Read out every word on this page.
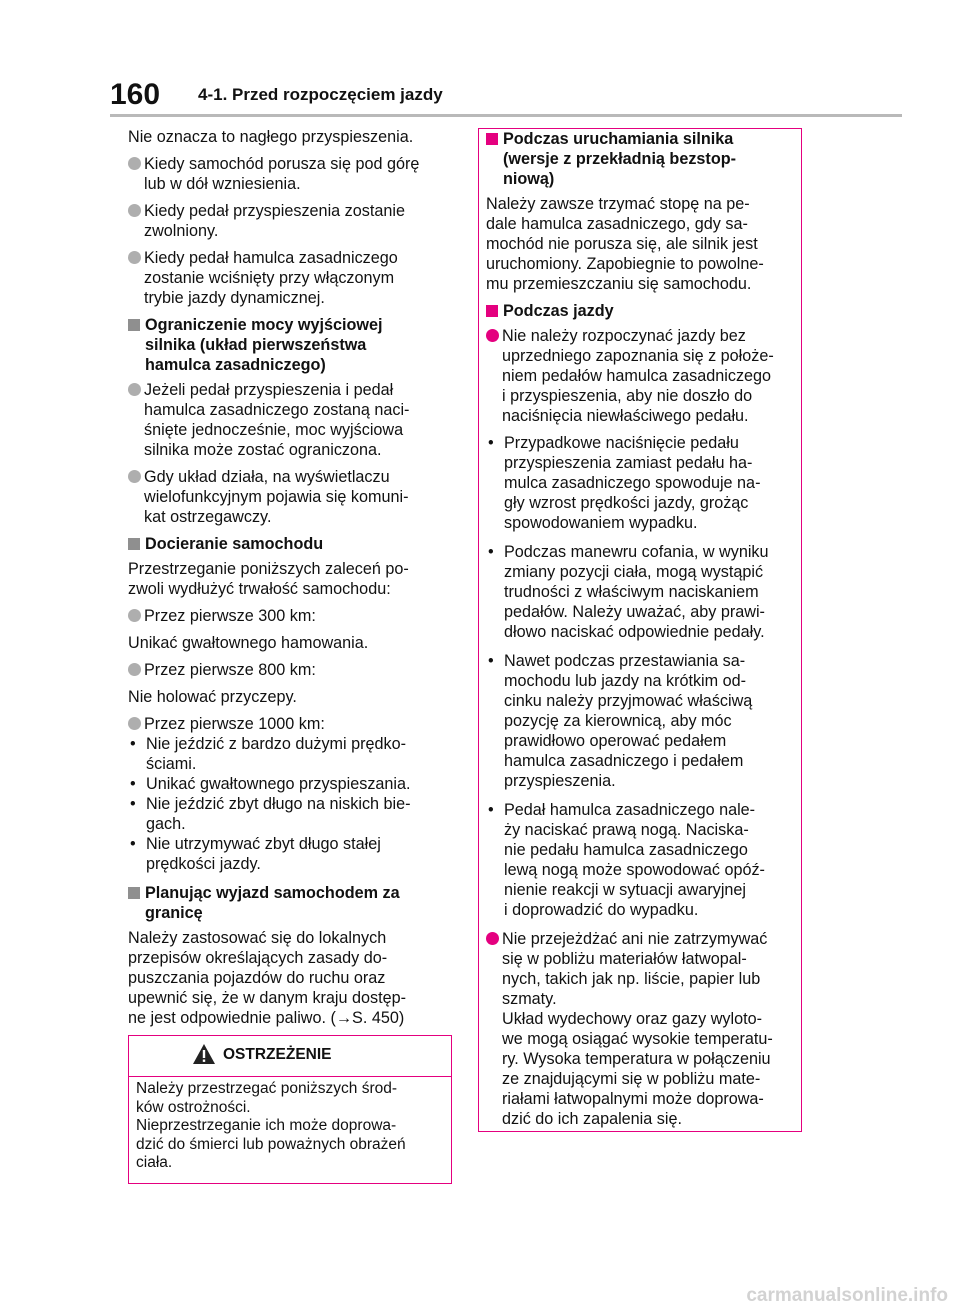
160 4-1. Przed rozpoczęciem jazdy
Nie oznacza to nagłego przyspieszenia.
Kiedy samochód porusza się pod górę
lub w dół wzniesienia.
Kiedy pedał przyspieszenia zostanie
zwolniony.
Kiedy pedał hamulca zasadniczego
zostanie wciśnięty przy włączonym
trybie jazdy dynamicznej.
Ograniczenie mocy wyjściowej
silnika (układ pierwszeństwa
hamulca zasadniczego)
Jeżeli pedał przyspieszenia i pedał
hamulca zasadniczego zostaną naci-
śnięte jednocześnie, moc wyjściowa
silnika może zostać ograniczona.
Gdy układ działa, na wyświetlaczu
wielofunkcyjnym pojawia się komuni-
kat ostrzegawczy.
Docieranie samochodu
Przestrzeganie poniższych zaleceń po-
zwoli wydłużyć trwałość samochodu:
Przez pierwsze 300 km:
Unikać gwałtownego hamowania.
Przez pierwsze 800 km:
Nie holować przyczepy.
Przez pierwsze 1000 km:
• Nie jeździć z bardzo dużymi prędko-
ściami.
• Unikać gwałtownego przyspieszania.
• Nie jeździć zbyt długo na niskich bie-
gach.
• Nie utrzymywać zbyt długo stałej
prędkości jazdy.
Planując wyjazd samochodem za
granicę
Należy zastosować się do lokalnych
przepisów określających zasady do-
puszczania pojazdów do ruchu oraz
upewnić się, że w danym kraju dostęp-
ne jest odpowiednie paliwo. (→S. 450)
OSTRZEŻENIE
Należy przestrzegać poniższych środ-
ków ostrożności.
Nieprzestrzeganie ich może doprowa-
dzić do śmierci lub poważnych obrażeń
ciała.
Podczas uruchamiania silnika
(wersje z przekładnią bezstop-
niową)
Należy zawsze trzymać stopę na pe-
dale hamulca zasadniczego, gdy sa-
mochód nie porusza się, ale silnik jest
uruchomiony. Zapobiegnie to powolne-
mu przemieszczaniu się samochodu.
Podczas jazdy
Nie należy rozpoczynać jazdy bez
uprzedniego zapoznania się z położe-
niem pedałów hamulca zasadniczego
i przyspieszenia, aby nie doszło do
naciśnięcia niewłaściwego pedału.
• Przypadkowe naciśnięcie pedału
przyspieszenia zamiast pedału ha-
mulca zasadniczego spowoduje na-
gły wzrost prędkości jazdy, grożąc
spowodowaniem wypadku.
• Podczas manewru cofania, w wyniku
zmiany pozycji ciała, mogą wystąpić
trudności z właściwym naciskaniem
pedałów. Należy uważać, aby prawi-
dłowo naciskać odpowiednie pedały.
• Nawet podczas przestawiania sa-
mochodu lub jazdy na krótkim od-
cinku należy przyjmować właściwą
pozycję za kierownicą, aby móc
prawidłowo operować pedałem
hamulca zasadniczego i pedałem
przyspieszenia.
• Pedał hamulca zasadniczego nale-
ży naciskać prawą nogą. Naciska-
nie pedału hamulca zasadniczego
lewą nogą może spowodować opóź-
nienie reakcji w sytuacji awaryjnej
i doprowadzić do wypadku.
Nie przejeżdżać ani nie zatrzymywać
się w pobliżu materiałów łatwopal-
nych, takich jak np. liście, papier lub
szmaty.
Układ wydechowy oraz gazy wyloto-
we mogą osiągać wysokie temperatu-
ry. Wysoka temperatura w połączeniu
ze znajdującymi się w pobliżu mate-
riałami łatwopalnymi może doprowa-
dzić do ich zapalenia się.
carmanualsonline.info
